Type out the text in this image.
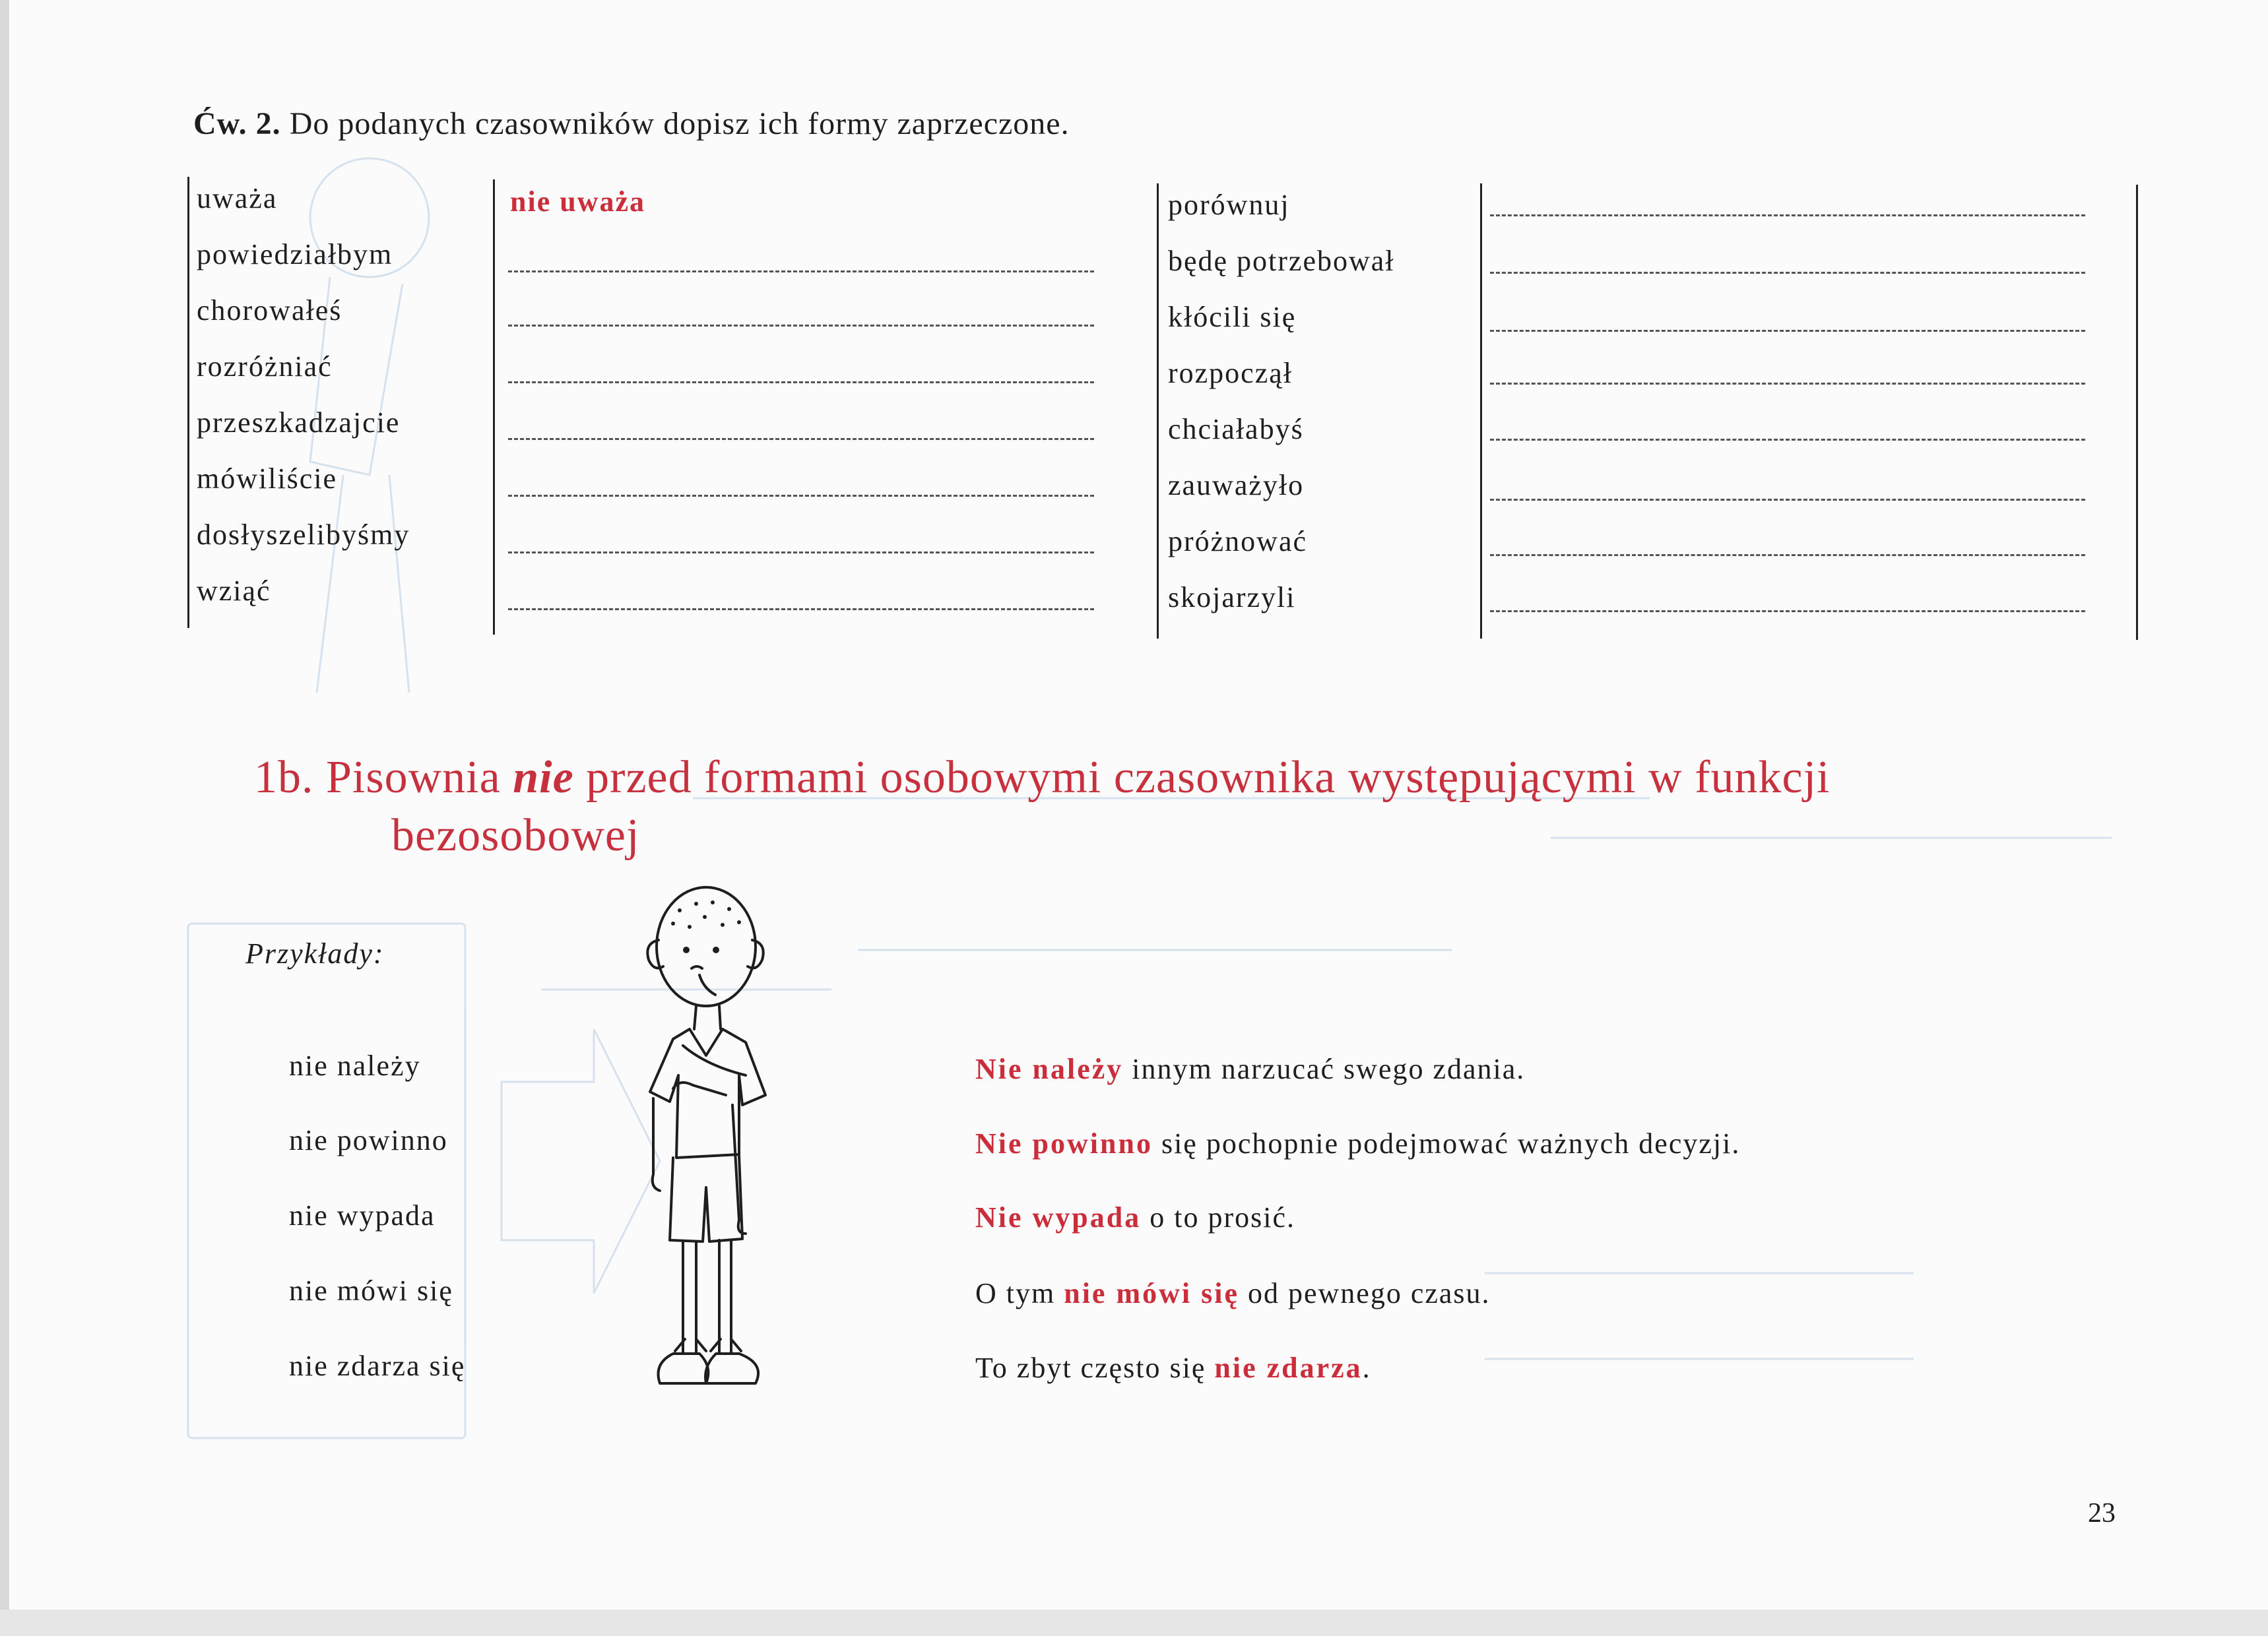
Ćw. 2. Do podanych czasowników dopisz ich formy zaprzeczone.
uważa
powiedziałbym
chorowałeś
rozróżniać
przeszkadzajcie
mówiliście
dosłyszelibyśmy
wziąć
nie uważa	porównuj
będę potrzebował
kłócili się
rozpoczął
chciałabyś
zauważyło
próżnować
skojarzyli
1b. Pisownia nie przed formami osobowymi czasownika występującymi w funkcji
bezosobowej
Przykłady:
nie należy
nie powinno
nie wypada
nie mówi się
nie zdarza się
Nie należy innym narzucać swego zdania.
Nie powinno się pochopnie podejmować ważnych decyzji.
Nie wypada o to prosić.
O tym nie mówi się od pewnego czasu.
To zbyt często się nie zdarza.
23
